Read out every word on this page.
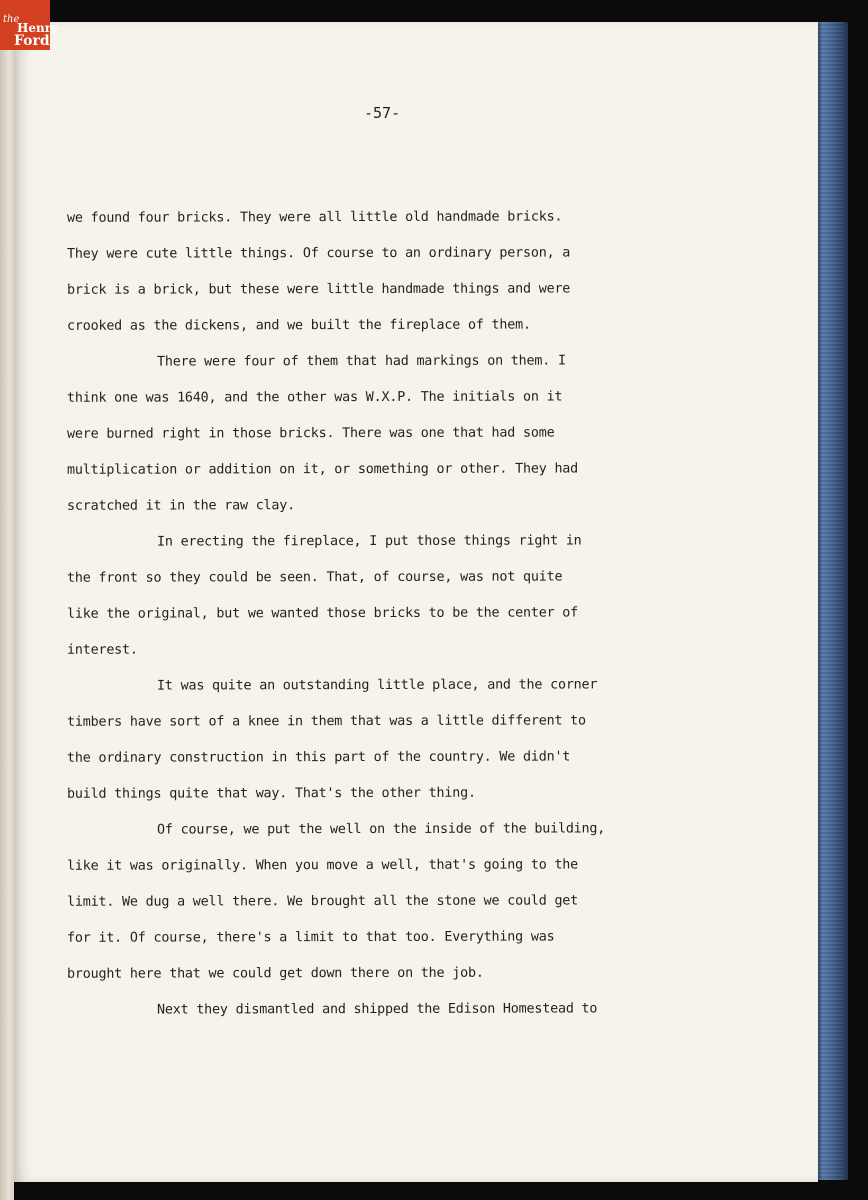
-57-

we found four bricks. They were all little old handmade bricks.
They were cute little things. Of course to an ordinary person, a
brick is a brick, but these were little handmade things and were
crooked as the dickens, and we built the fireplace of them.
There were four of them that had markings on them. I
think one was 1640, and the other was W.X.P. The initials on it
were burned right in those bricks. There was one that had some
multiplication or addition on it, or something or other. They had
scratched it in the raw clay.
In erecting the fireplace, I put those things right in
the front so they could be seen. That, of course, was not quite
like the original, but we wanted those bricks to be the center of
interest.
It was quite an outstanding little place, and the corner
timbers have sort of a knee in them that was a little different to
the ordinary construction in this part of the country. We didn't
build things quite that way. That's the other thing.
Of course, we put the well on the inside of the building,
like it was originally. When you move a well, that's going to the
limit. We dug a well there. We brought all the stone we could get
for it. Of course, there's a limit to that too. Everything was
brought here that we could get down there on the job.
Next they dismantled and shipped the Edison Homestead to
the
Henry
Ford
